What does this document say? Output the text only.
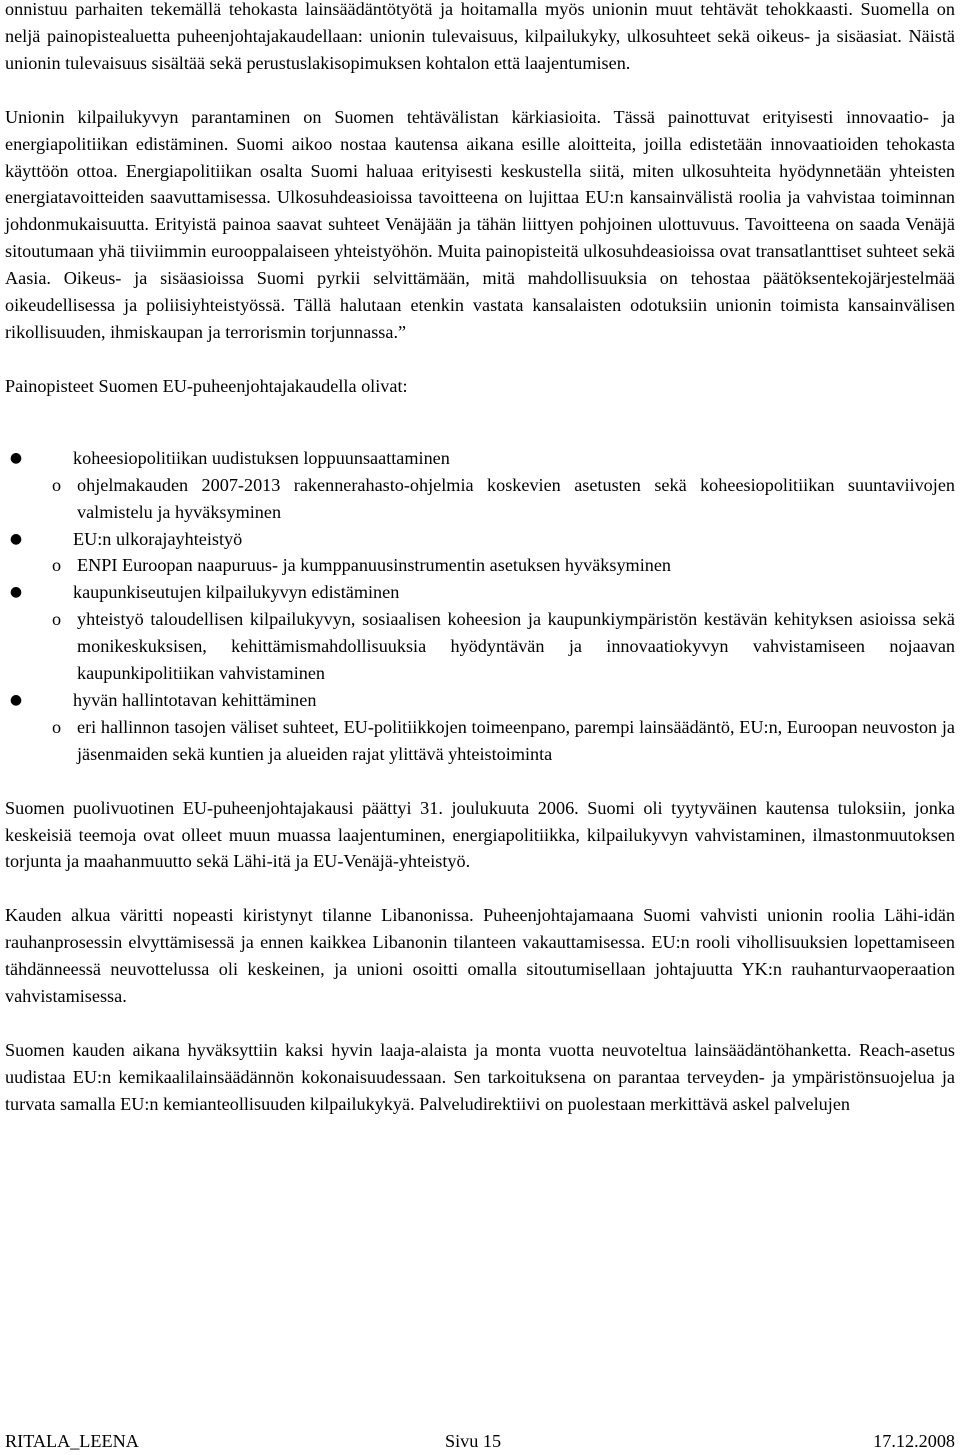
onnistuu parhaiten tekemällä tehokasta lainsäädäntötyötä ja hoitamalla myös unionin muut tehtävät tehokkaasti. Suomella on neljä painopistealuetta puheenjohtajakaudellaan: unionin tulevaisuus, kilpailukyky, ulkosuhteet sekä oikeus- ja sisäasiat. Näistä unionin tulevaisuus sisältää sekä perustuslakisopimuksen kohtalon että laajentumisen.

Unionin kilpailukyvyn parantaminen on Suomen tehtävälistan kärkiasioita. Tässä painottuvat erityisesti innovaatio- ja energiapolitiikan edistäminen. Suomi aikoo nostaa kautensa aikana esille aloitteita, joilla edistetään innovaatioiden tehokasta käyttöön ottoa. Energiapolitiikan osalta Suomi haluaa erityisesti keskustella siitä, miten ulkosuhteita hyödynnetään yhteisten energiatavoitteiden saavuttamisessa. Ulkosuhdeasioissa tavoitteena on lujittaa EU:n kansainvälistä roolia ja vahvistaa toiminnan johdonmukaisuutta. Erityistä painoa saavat suhteet Venäjään ja tähän liittyen pohjoinen ulottuvuus. Tavoitteena on saada Venäjä sitoutumaan yhä tiiviimmin eurooppalaiseen yhteistyöhön. Muita painopisteitä ulkosuhdeasioissa ovat transatlanttiset suhteet sekä Aasia. Oikeus- ja sisäasioissa Suomi pyrkii selvittämään, mitä mahdollisuuksia on tehostaa päätöksentekojärjestelmää oikeudellisessa ja poliisiyhteistyössä. Tällä halutaan etenkin vastata kansalaisten odotuksiin unionin toimista kansainvälisen rikollisuuden, ihmiskaupan ja terrorismin torjunnassa.”

Painopisteet Suomen EU-puheenjohtajakaudella olivat:

●	koheesiopolitiikan uudistuksen loppuunsaattaminen
o ohjelmakauden 2007-2013 rakennerahasto-ohjelmia koskevien asetusten sekä koheesiopolitiikan suuntaviivojen valmistelu ja hyväksyminen
●	EU:n ulkorajayhteistyö
o ENPI Euroopan naapuruus- ja kumppanuusinstrumentin asetuksen hyväksyminen
●	kaupunkiseutujen kilpailukyvyn edistäminen
o yhteistyö taloudellisen kilpailukyvyn, sosiaalisen koheesion ja kaupunkiympäristön kestävän kehityksen asioissa sekä monikeskuksisen, kehittämismahdollisuuksia hyödyntävän ja innovaatiokyvyn vahvistamiseen nojaavan kaupunkipolitiikan vahvistaminen
●	hyvän hallintotavan kehittäminen
o eri hallinnon tasojen väliset suhteet, EU-politiikkojen toimeenpano, parempi lainsäädäntö, EU:n, Euroopan neuvoston ja jäsenmaiden sekä kuntien ja alueiden rajat ylittävä yhteistoiminta

Suomen puolivuotinen EU-puheenjohtajakausi päättyi 31. joulukuuta 2006. Suomi oli tyytyväinen kautensa tuloksiin, jonka keskeisiä teemoja ovat olleet muun muassa laajentuminen, energiapolitiikka, kilpailukyvyn vahvistaminen, ilmastonmuutoksen torjunta ja maahanmuutto sekä Lähi-itä ja EU-Venäjä-yhteistyö.

Kauden alkua väritti nopeasti kiristynyt tilanne Libanonissa. Puheenjohtajamaana Suomi vahvisti unionin roolia Lähi-idän rauhanprosessin elvyttämisessä ja ennen kaikkea Libanonin tilanteen vakauttamisessa. EU:n rooli vihollisuuksien lopettamiseen tähdänneessä neuvottelussa oli keskeinen, ja unioni osoitti omalla sitoutumisellaan johtajuutta YK:n rauhanturvaoperaation vahvistamisessa.

Suomen kauden aikana hyväksyttiin kaksi hyvin laaja-alaista ja monta vuotta neuvoteltua lainsäädäntöhanketta. Reach-asetus uudistaa EU:n kemikaalilainsäädännön kokonaisuudessaan. Sen tarkoituksena on parantaa terveyden- ja ympäristönsuojelua ja turvata samalla EU:n kemianteollisuuden kilpailukykyä. Palveludirektiivi on puolestaan merkittävä askel palvelujen

RITALA_LEENA	Sivu 15	17.12.2008
